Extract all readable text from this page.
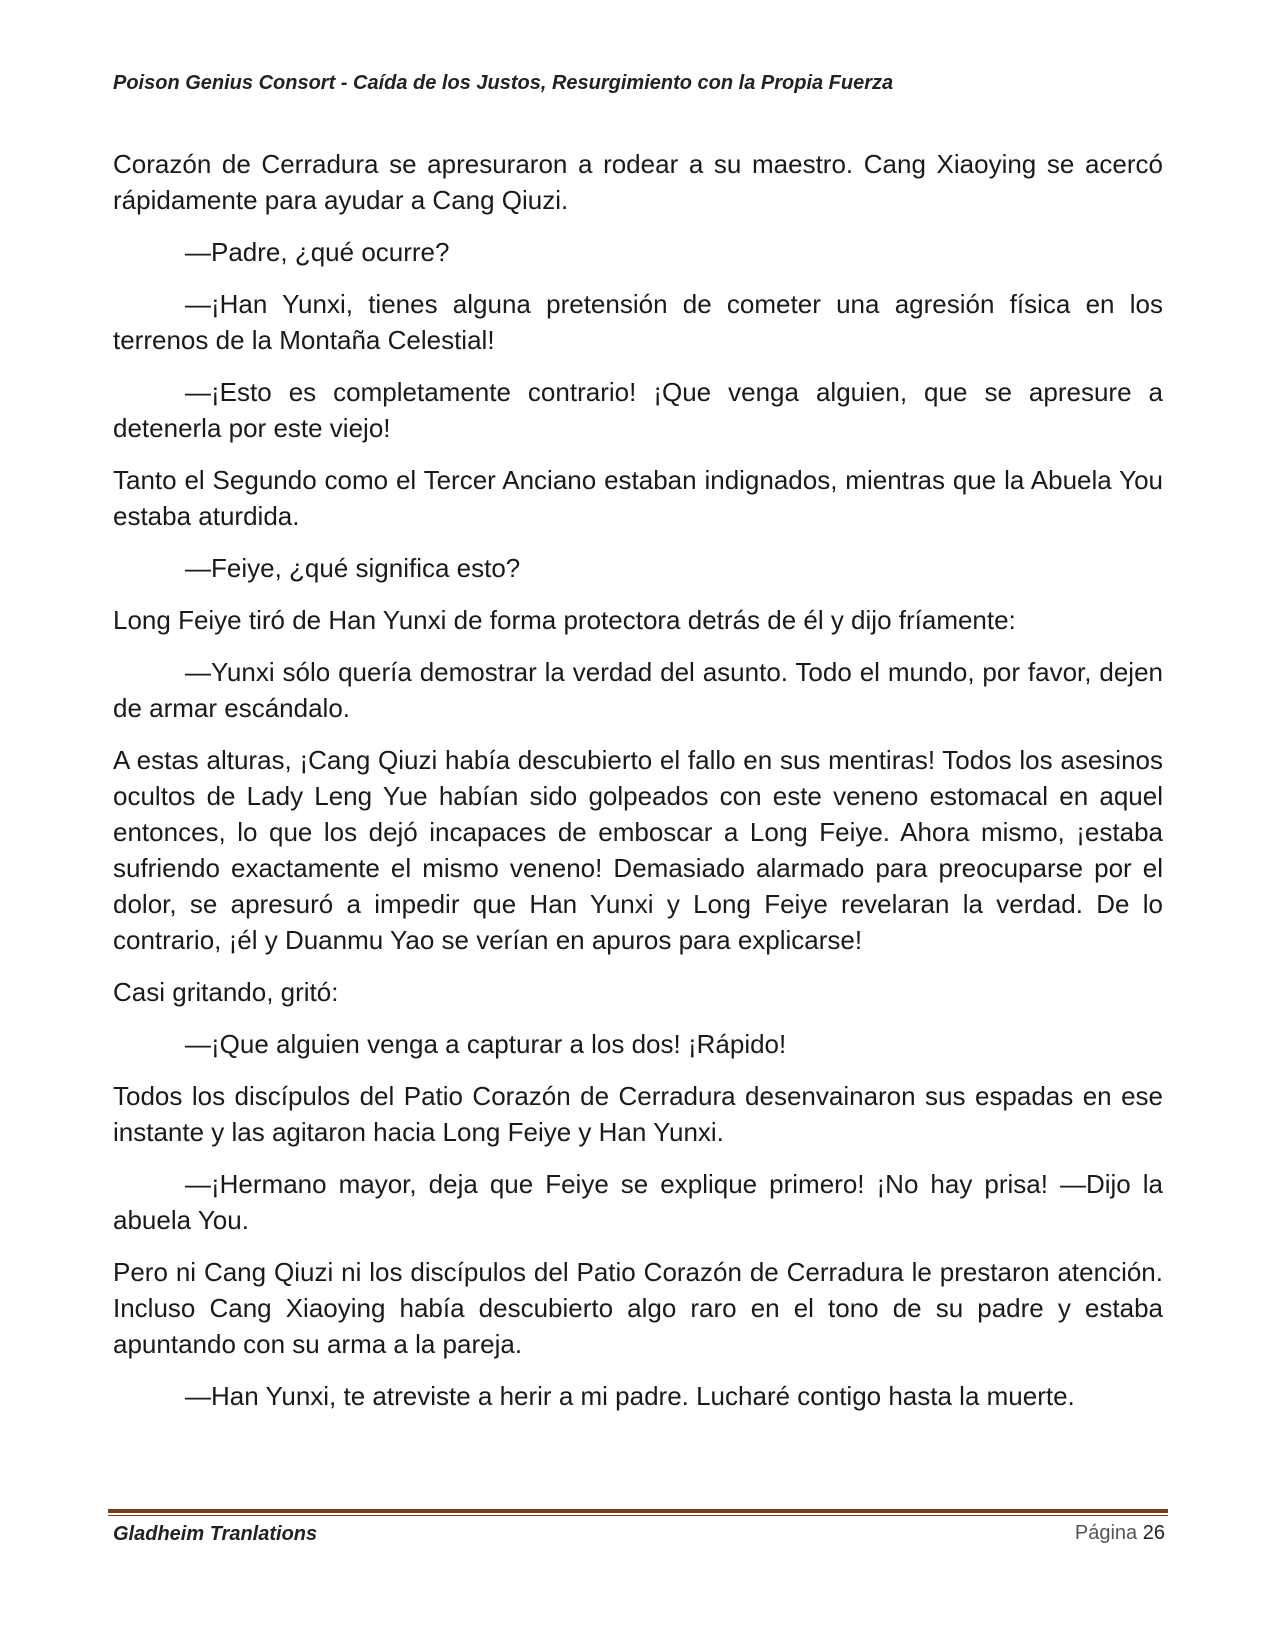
Poison Genius Consort - Caída de los Justos, Resurgimiento con la Propia Fuerza

Corazón de Cerradura se apresuraron a rodear a su maestro. Cang Xiaoying se acercó rápidamente para ayudar a Cang Qiuzi.

—Padre, ¿qué ocurre?

—¡Han Yunxi, tienes alguna pretensión de cometer una agresión física en los terrenos de la Montaña Celestial!

—¡Esto es completamente contrario! ¡Que venga alguien, que se apresure a detenerla por este viejo!

Tanto el Segundo como el Tercer Anciano estaban indignados, mientras que la Abuela You estaba aturdida.

—Feiye, ¿qué significa esto?

Long Feiye tiró de Han Yunxi de forma protectora detrás de él y dijo fríamente:

—Yunxi sólo quería demostrar la verdad del asunto. Todo el mundo, por favor, dejen de armar escándalo.

A estas alturas, ¡Cang Qiuzi había descubierto el fallo en sus mentiras! Todos los asesinos ocultos de Lady Leng Yue habían sido golpeados con este veneno estomacal en aquel entonces, lo que los dejó incapaces de emboscar a Long Feiye. Ahora mismo, ¡estaba sufriendo exactamente el mismo veneno! Demasiado alarmado para preocuparse por el dolor, se apresuró a impedir que Han Yunxi y Long Feiye revelaran la verdad. De lo contrario, ¡él y Duanmu Yao se verían en apuros para explicarse!

Casi gritando, gritó:

—¡Que alguien venga a capturar a los dos! ¡Rápido!

Todos los discípulos del Patio Corazón de Cerradura desenvainaron sus espadas en ese instante y las agitaron hacia Long Feiye y Han Yunxi.

—¡Hermano mayor, deja que Feiye se explique primero! ¡No hay prisa! —Dijo la abuela You.

Pero ni Cang Qiuzi ni los discípulos del Patio Corazón de Cerradura le prestaron atención. Incluso Cang Xiaoying había descubierto algo raro en el tono de su padre y estaba apuntando con su arma a la pareja.

—Han Yunxi, te atreviste a herir a mi padre. Lucharé contigo hasta la muerte.

Gladheim Tranlations	Página 26
